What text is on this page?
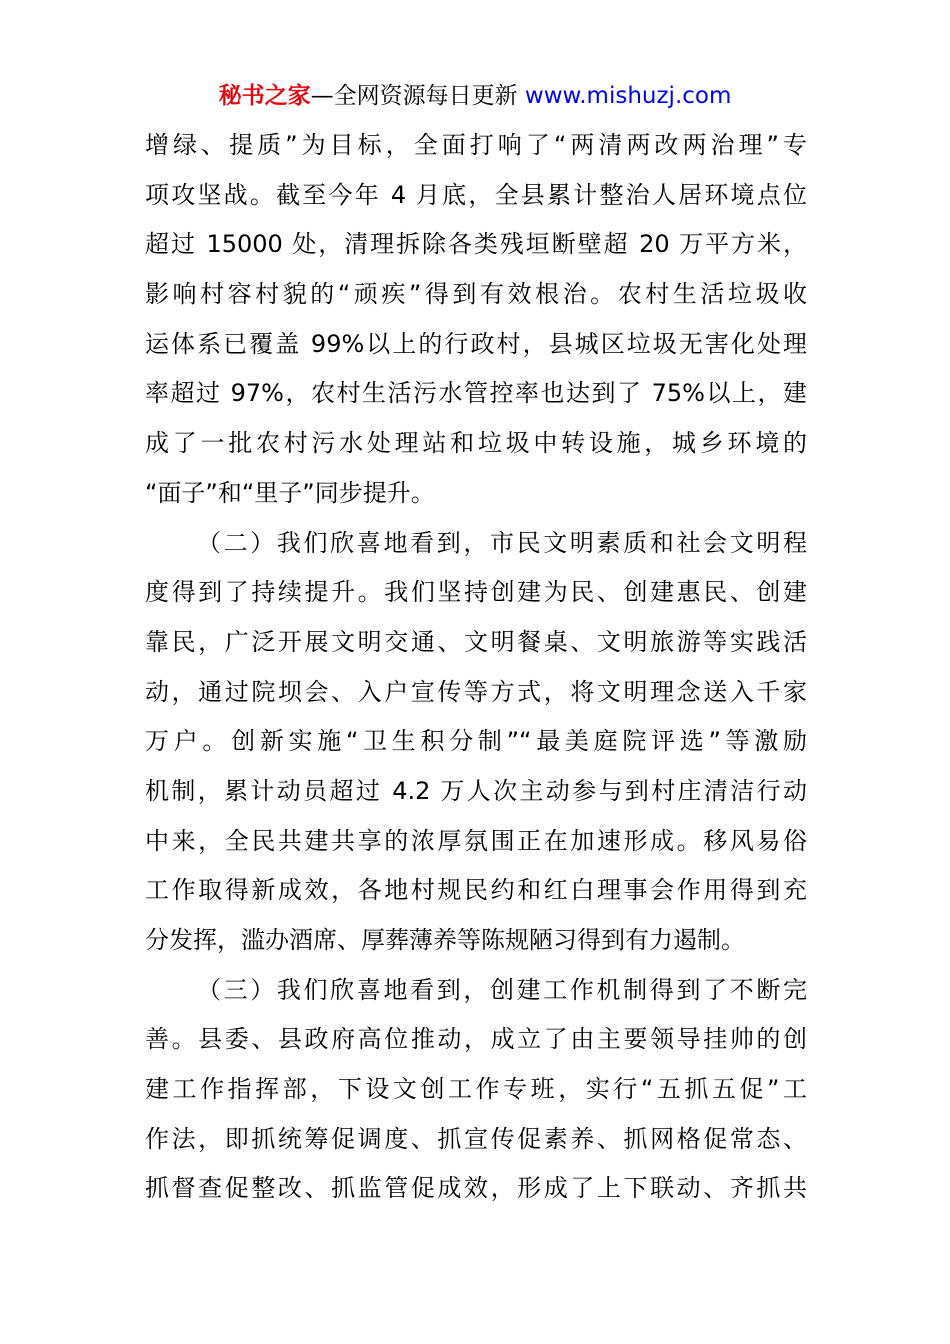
秘书之家—全网资源每日更新 www.mishuzj.com
增绿、提质”为目标，全面打响了“两清两改两治理”专
项攻坚战。截至今年 4 月底，全县累计整治人居环境点位
超过 15000 处，清理拆除各类残垣断壁超 20 万平方米，
影响村容村貌的“顽疾”得到有效根治。农村生活垃圾收
运体系已覆盖 99%以上的行政村，县城区垃圾无害化处理
率超过 97%，农村生活污水管控率也达到了 75%以上，建
成了一批农村污水处理站和垃圾中转设施，城乡环境的
“面子”和“里子”同步提升。
（二）我们欣喜地看到，市民文明素质和社会文明程
度得到了持续提升。我们坚持创建为民、创建惠民、创建
靠民，广泛开展文明交通、文明餐桌、文明旅游等实践活
动，通过院坝会、入户宣传等方式，将文明理念送入千家
万户。创新实施“卫生积分制”“最美庭院评选”等激励
机制，累计动员超过 4.2 万人次主动参与到村庄清洁行动
中来，全民共建共享的浓厚氛围正在加速形成。移风易俗
工作取得新成效，各地村规民约和红白理事会作用得到充
分发挥，滥办酒席、厚葬薄养等陈规陋习得到有力遏制。
（三）我们欣喜地看到，创建工作机制得到了不断完
善。县委、县政府高位推动，成立了由主要领导挂帅的创
建工作指挥部，下设文创工作专班，实行“五抓五促”工
作法，即抓统筹促调度、抓宣传促素养、抓网格促常态、
抓督查促整改、抓监管促成效，形成了上下联动、齐抓共
